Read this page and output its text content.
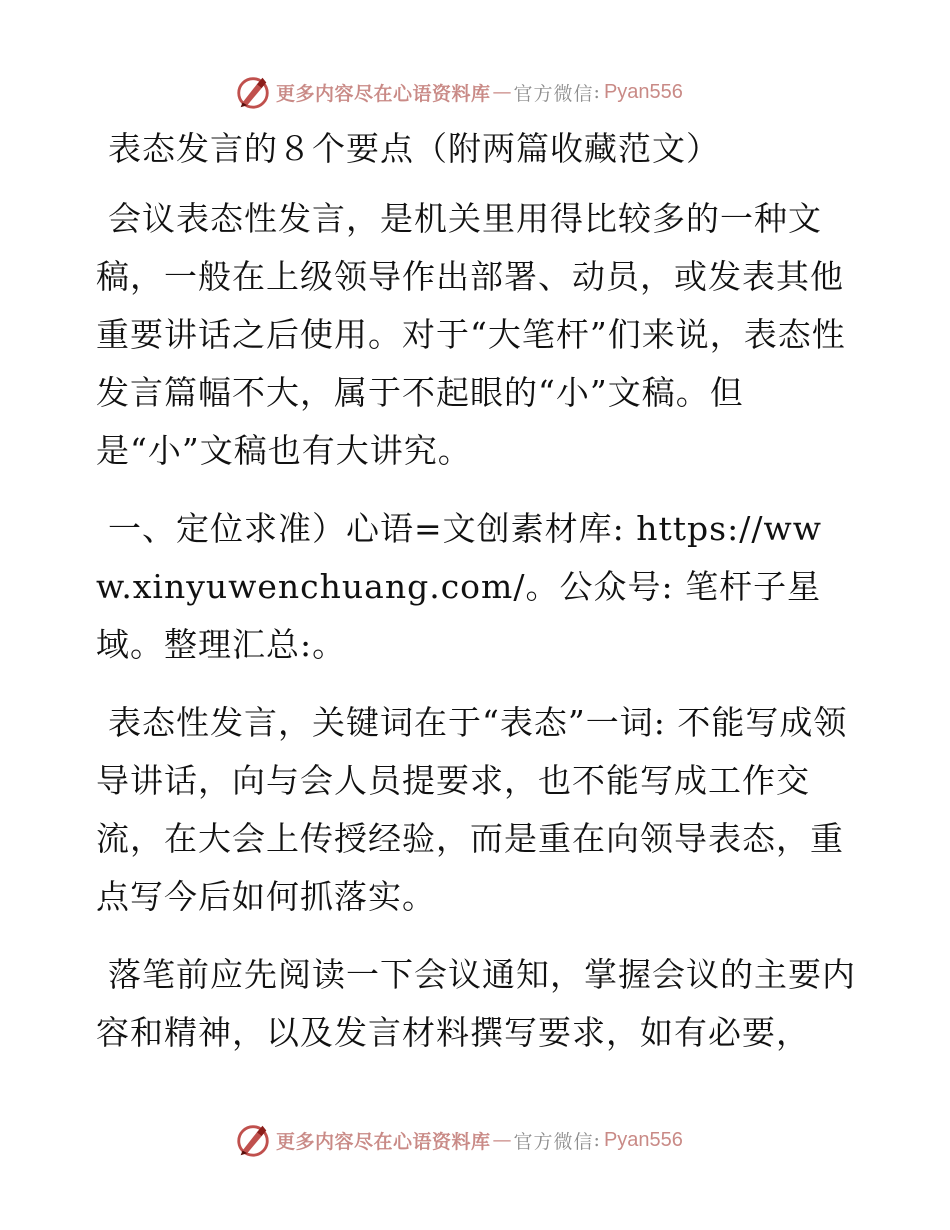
更多内容尽在心语资料库 — 官方微信 : Pyan556
表态发言的８个要点（附两篇收藏范文）

会议表态性发言，是机关里用得比较多的一种文稿，一般在上级领导作出部署、动员，或发表其他重要讲话之后使用。对于“大笔杆”们来说，表态性发言篇幅不大，属于不起眼的“小”文稿。但是“小”文稿也有大讲究。

一、定位求准）心语=文创素材库: https://www.xinyuwenchuang.com/。公众号: 笔杆子星域。整理汇总:。

表态性发言，关键词在于“表态”一词: 不能写成领导讲话，向与会人员提要求，也不能写成工作交流，在大会上传授经验，而是重在向领导表态，重点写今后如何抓落实。

落笔前应先阅读一下会议通知，掌握会议的主要内容和精神，以及发言材料撰写要求，如有必要，

更多内容尽在心语资料库 — 官方微信 : Pyan556
